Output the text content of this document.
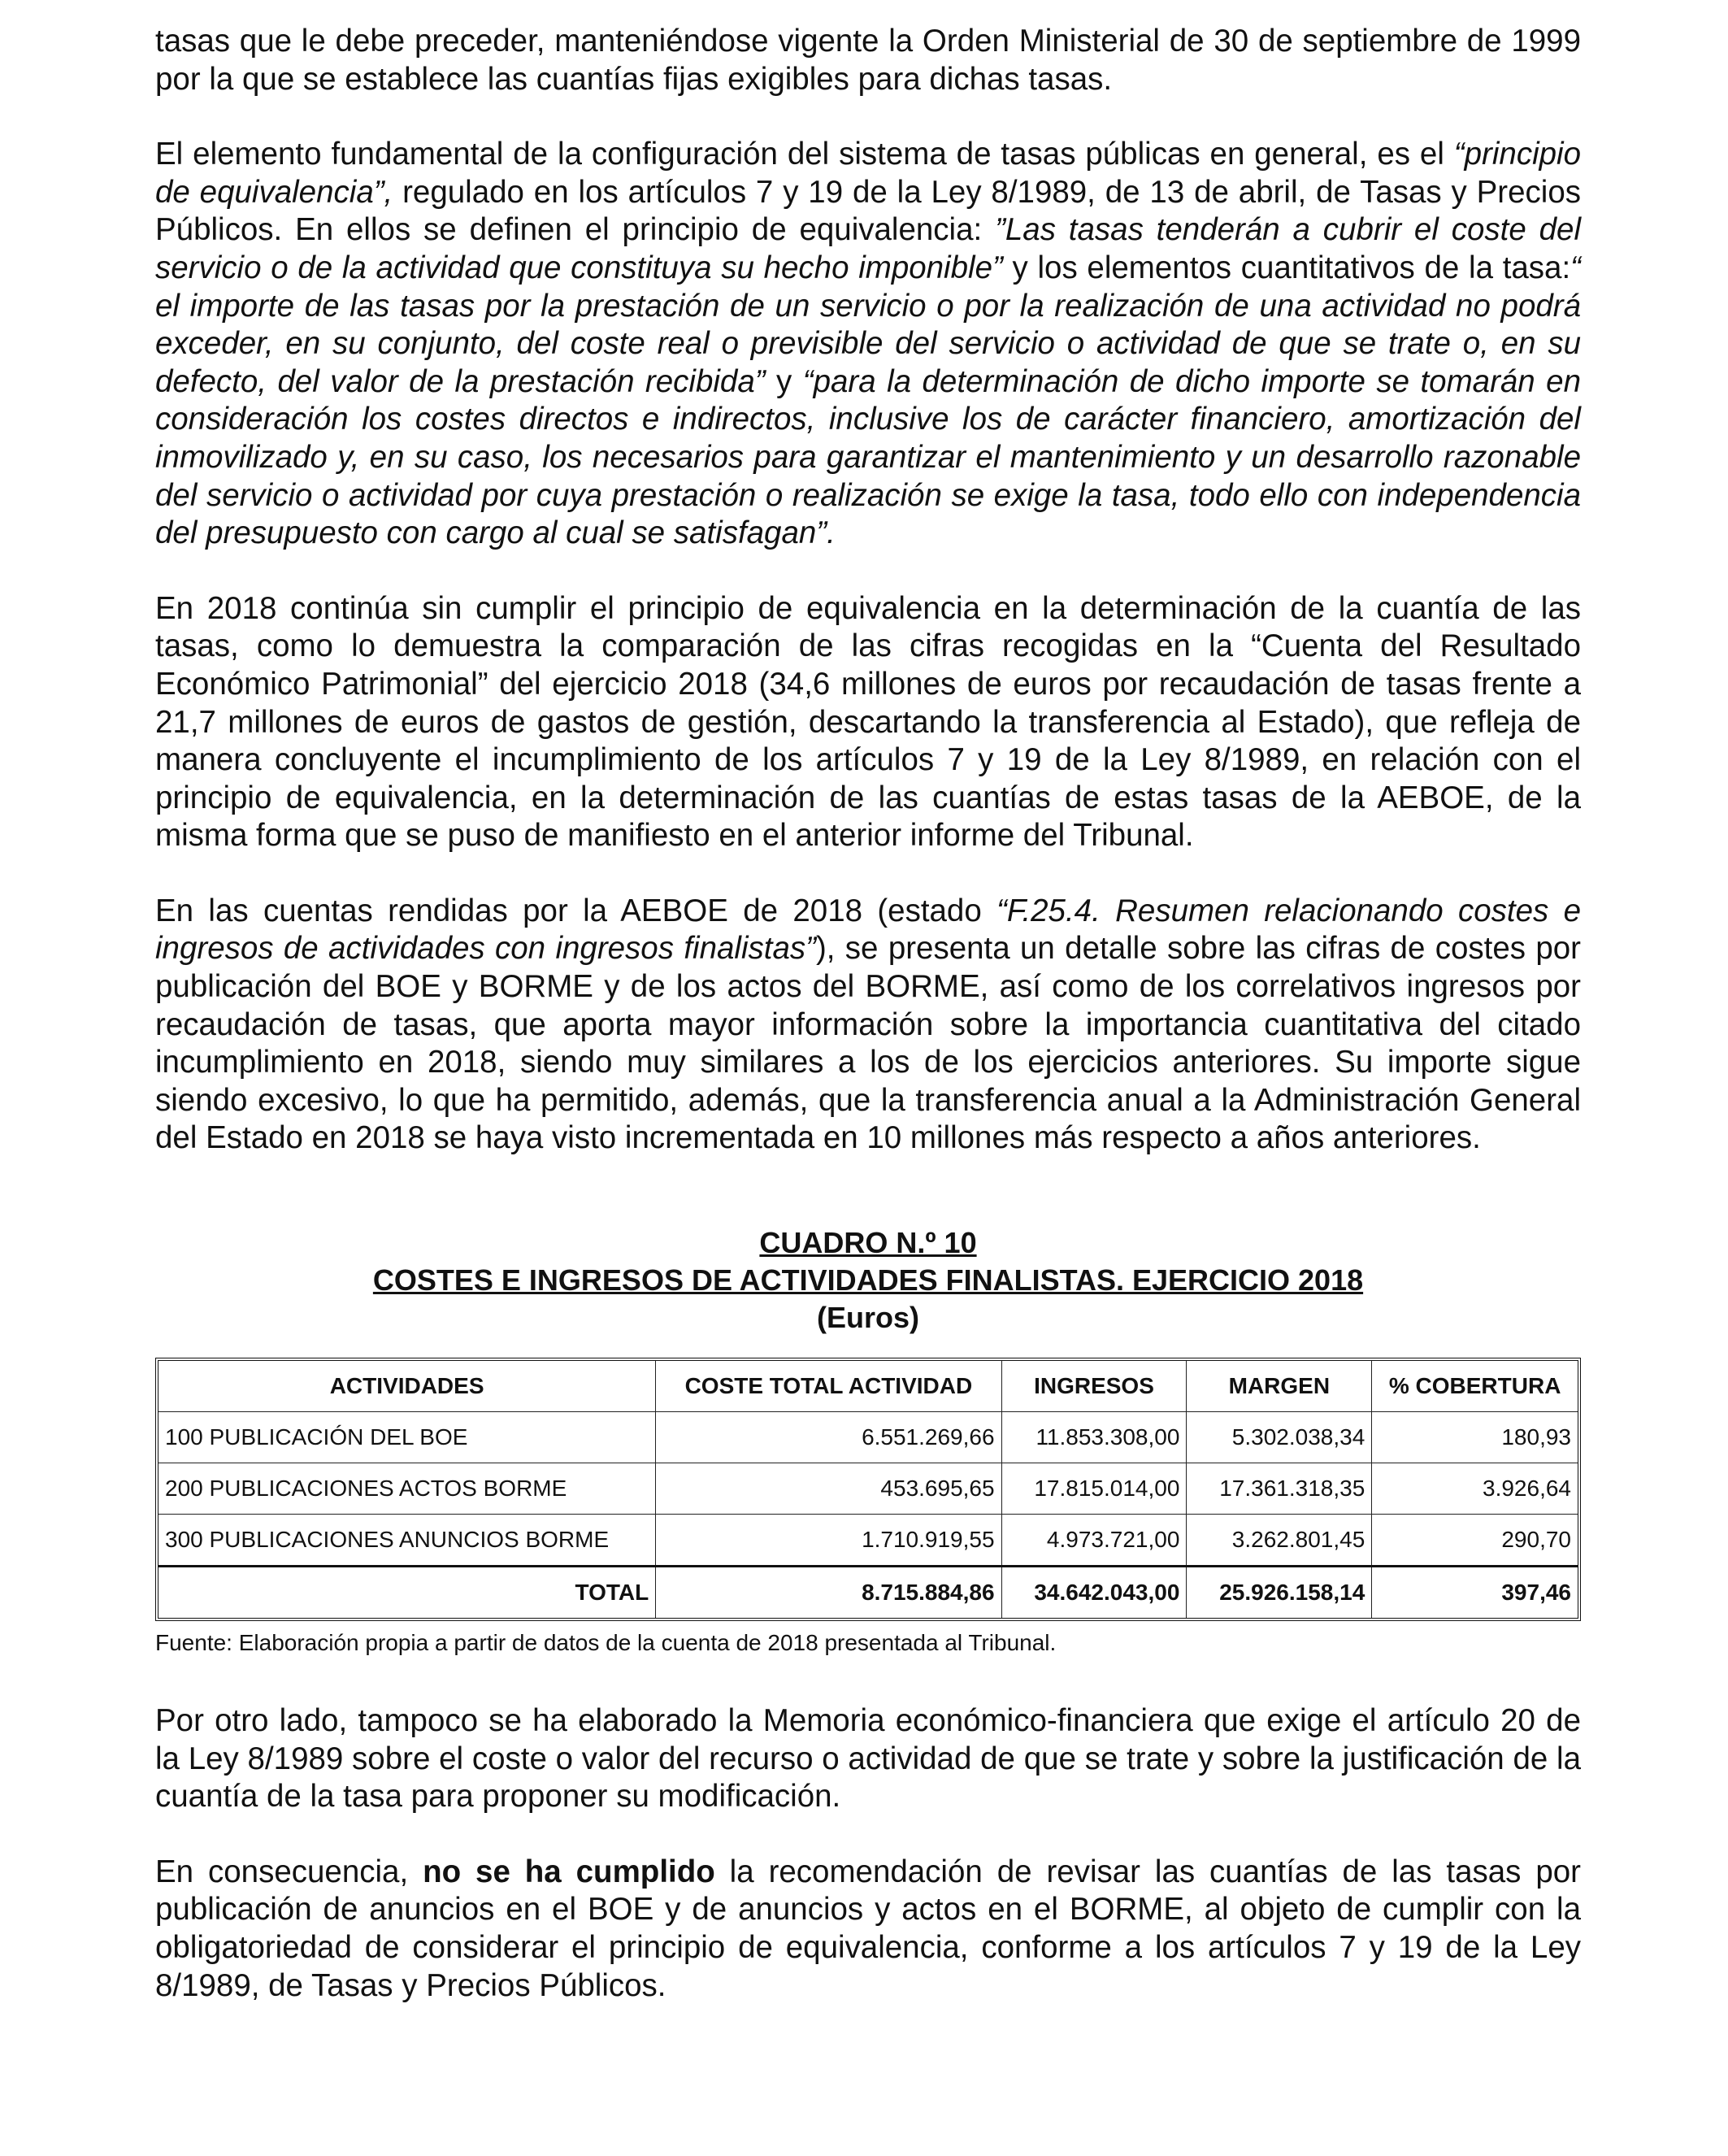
tasas que le debe preceder, manteniéndose vigente la Orden Ministerial de 30 de septiembre de 1999 por la que se establece las cuantías fijas exigibles para dichas tasas.

El elemento fundamental de la configuración del sistema de tasas públicas en general, es el “principio de equivalencia”, regulado en los artículos 7 y 19 de la Ley 8/1989, de 13 de abril, de Tasas y Precios Públicos. En ellos se definen el principio de equivalencia: ”Las tasas tenderán a cubrir el coste del servicio o de la actividad que constituya su hecho imponible” y los elementos cuantitativos de la tasa:“ el importe de las tasas por la prestación de un servicio o por la realización de una actividad no podrá exceder, en su conjunto, del coste real o previsible del servicio o actividad de que se trate o, en su defecto, del valor de la prestación recibida” y “para la determinación de dicho importe se tomarán en consideración los costes directos e indirectos, inclusive los de carácter financiero, amortización del inmovilizado y, en su caso, los necesarios para garantizar el mantenimiento y un desarrollo razonable del servicio o actividad por cuya prestación o realización se exige la tasa, todo ello con independencia del presupuesto con cargo al cual se satisfagan”.

En 2018 continúa sin cumplir el principio de equivalencia en la determinación de la cuantía de las tasas, como lo demuestra la comparación de las cifras recogidas en la “Cuenta del Resultado Económico Patrimonial” del ejercicio 2018 (34,6 millones de euros por recaudación de tasas frente a 21,7 millones de euros de gastos de gestión, descartando la transferencia al Estado), que refleja de manera concluyente el incumplimiento de los artículos 7 y 19 de la Ley 8/1989, en relación con el principio de equivalencia, en la determinación de las cuantías de estas tasas de la AEBOE, de la misma forma que se puso de manifiesto en el anterior informe del Tribunal.

En las cuentas rendidas por la AEBOE de 2018 (estado “F.25.4. Resumen relacionando costes e ingresos de actividades con ingresos finalistas”), se presenta un detalle sobre las cifras de costes por publicación del BOE y BORME y de los actos del BORME, así como de los correlativos ingresos por recaudación de tasas, que aporta mayor información sobre la importancia cuantitativa del citado incumplimiento en 2018, siendo muy similares a los de los ejercicios anteriores. Su importe sigue siendo excesivo, lo que ha permitido, además, que la transferencia anual a la Administración General del Estado en 2018 se haya visto incrementada en 10 millones más respecto a años anteriores.

CUADRO N.º 10
COSTES E INGRESOS DE ACTIVIDADES FINALISTAS. EJERCICIO 2018
(Euros)
ACTIVIDADES	COSTE TOTAL ACTIVIDAD	INGRESOS	MARGEN	% COBERTURA
100 PUBLICACIÓN DEL BOE	6.551.269,66	11.853.308,00	5.302.038,34	180,93
200 PUBLICACIONES ACTOS BORME	453.695,65	17.815.014,00	17.361.318,35	3.926,64
300 PUBLICACIONES ANUNCIOS BORME	1.710.919,55	4.973.721,00	3.262.801,45	290,70
TOTAL	8.715.884,86	34.642.043,00	25.926.158,14	397,46
Fuente: Elaboración propia a partir de datos de la cuenta de 2018 presentada al Tribunal.

Por otro lado, tampoco se ha elaborado la Memoria económico-financiera que exige el artículo 20 de la Ley 8/1989 sobre el coste o valor del recurso o actividad de que se trate y sobre la justificación de la cuantía de la tasa para proponer su modificación.

En consecuencia, no se ha cumplido la recomendación de revisar las cuantías de las tasas por publicación de anuncios en el BOE y de anuncios y actos en el BORME, al objeto de cumplir con la obligatoriedad de considerar el principio de equivalencia, conforme a los artículos 7 y 19 de la Ley 8/1989, de Tasas y Precios Públicos.
